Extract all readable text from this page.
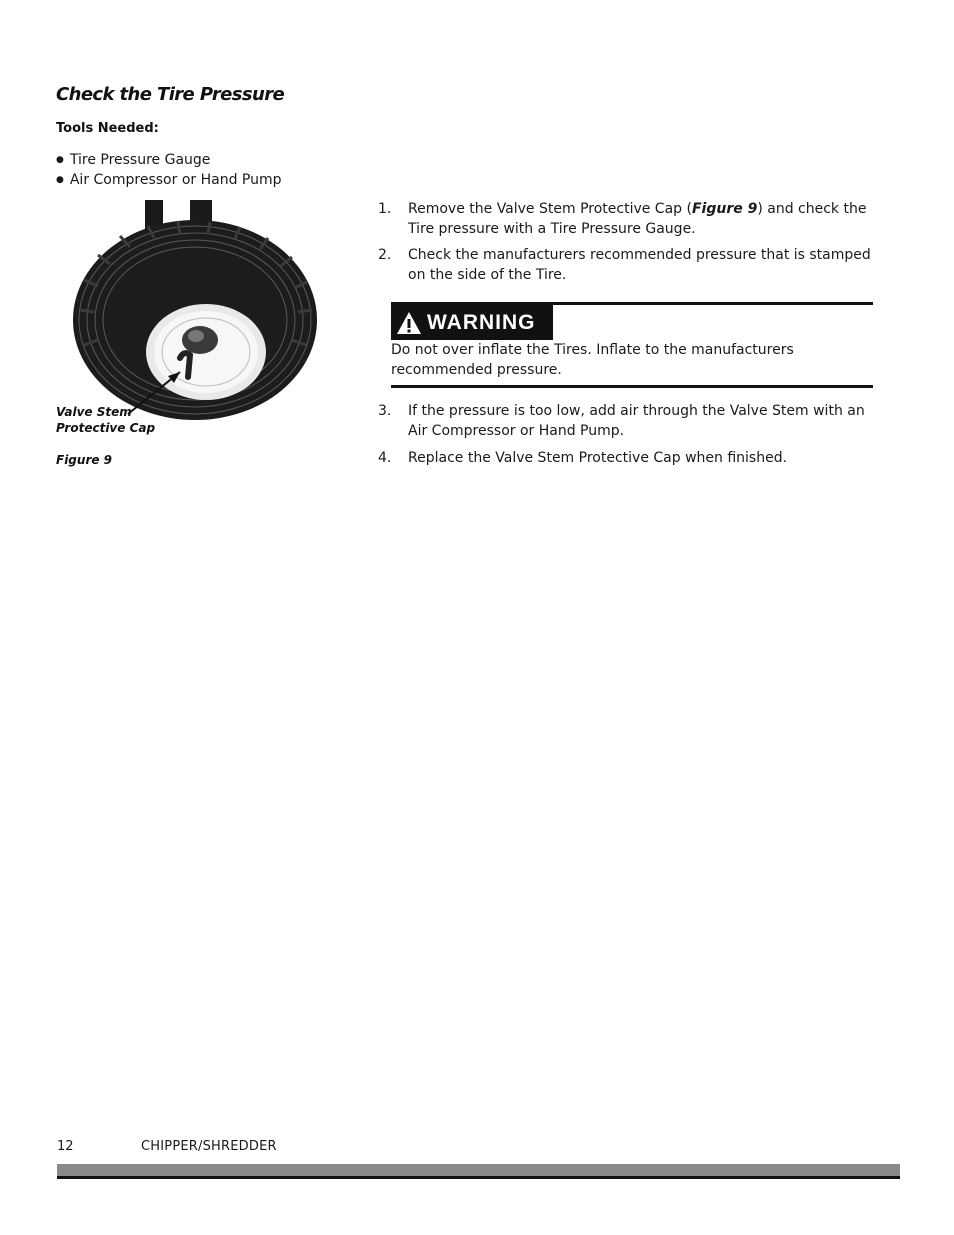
Check the Tire Pressure
Tools Needed:
● Tire Pressure Gauge
● Air Compressor or Hand Pump
Valve Stem
Protective Cap
Figure 9
1. Remove the Valve Stem Protective Cap (Figure 9) and check the Tire pressure with a Tire Pressure Gauge.
2. Check the manufacturers recommended pressure that is stamped on the side of the Tire.
WARNING
Do not over inflate the Tires. Inflate to the manufacturers recommended pressure.
3. If the pressure is too low, add air through the Valve Stem with an Air Compressor or Hand Pump.
4. Replace the Valve Stem Protective Cap when finished.
12	CHIPPER/SHREDDER
